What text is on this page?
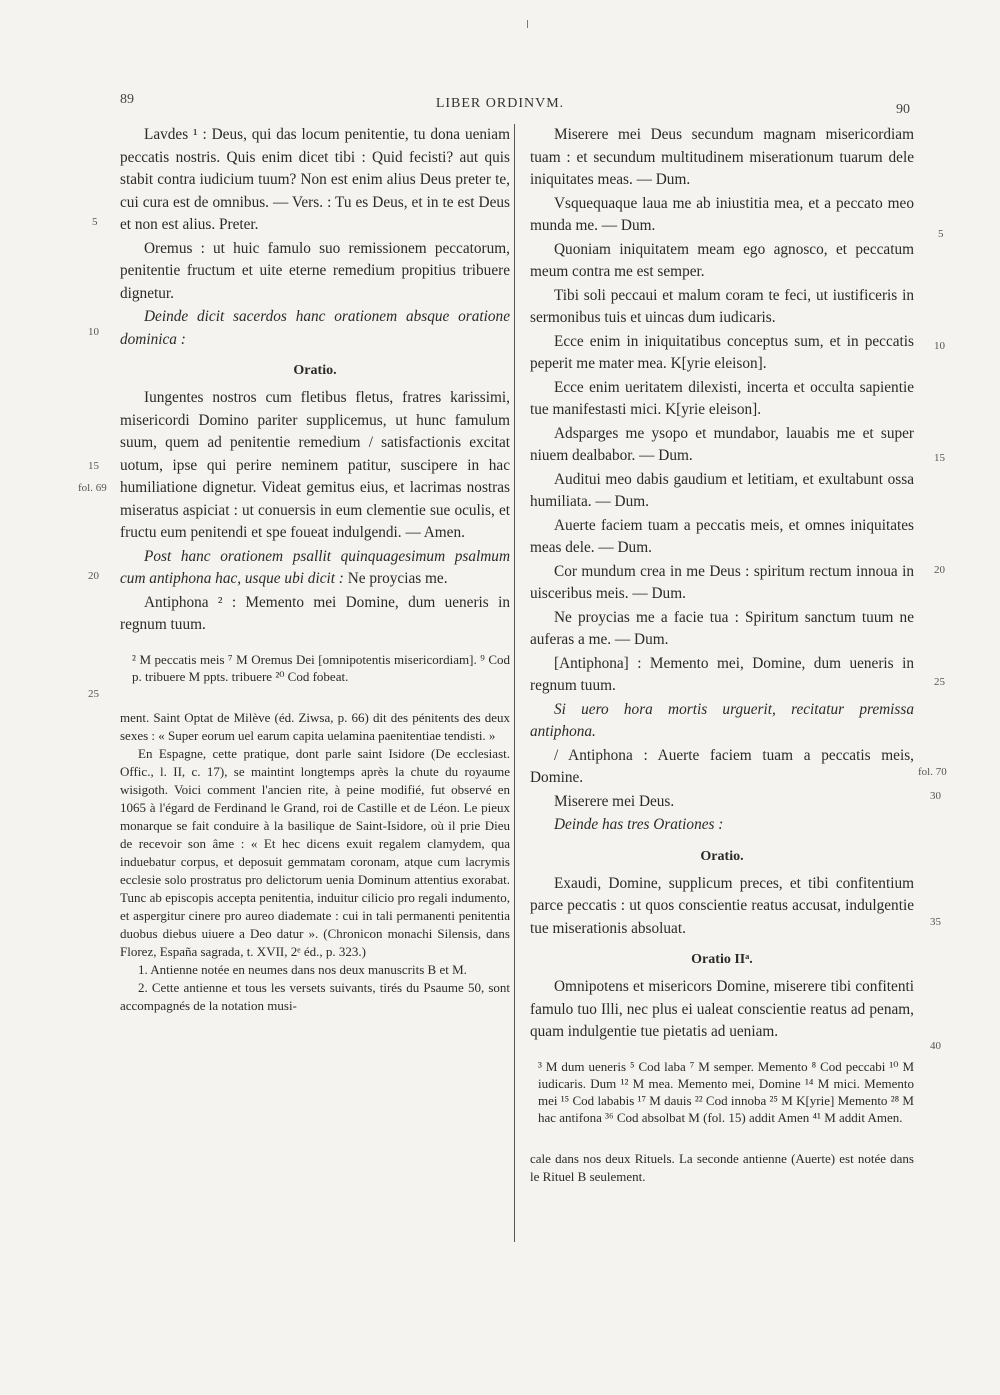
89	LIBER ORDINVM.	90

Lavdes ¹ : Deus, qui das locum penitentie, tu dona ueniam peccatis nostris. Quis enim dicet tibi : Quid fecisti? aut quis stabit contra iudicium tuum? Non est enim alius Deus preter te, cui cura est de omnibus. — Vers. : Tu es Deus, et in te est Deus et non est alius. Preter.

Oremus : ut huic famulo suo remissionem peccatorum, penitentie fructum et uite eterne remedium propitius tribuere dignetur.

Deinde dicit sacerdos hanc orationem absque oratione dominica :

Oratio.

Iungentes nostros cum fletibus fletus, fratres karissimi, misericordi Domino pariter supplicemus, ut hunc famulum suum, quem ad penitentie remedium / satisfactionis excitat uotum, ipse qui perire neminem patitur, suscipere in hac humiliatione dignetur. Videat gemitus eius, et lacrimas nostras miseratus aspiciat : ut conuersis in eum clementie sue oculis, et fructu eum penitendi et spe foueat indulgendi. — Amen.

Post hanc orationem psallit quinquagesimum psalmum cum antiphona hac, usque ubi dicit : Ne proycias me.

Antiphona ² : Memento mei Domine, dum ueneris in regnum tuum.

² M peccatis meis ⁷ M Oremus Dei [omnipotentis misericordiam]. ⁹ Cod p. tribuere M ppts. tribuere ²⁰ Cod fobeat.

ment. Saint Optat de Milève (éd. Ziwsa, p. 66) dit des pénitents des deux sexes : « Super eorum uel earum capita uelamina paenitentiae tendisti. »

En Espagne, cette pratique, dont parle saint Isidore (De ecclesiast. Offic., l. II, c. 17), se maintint longtemps après la chute du royaume wisigoth. Voici comment l'ancien rite, à peine modifié, fut observé en 1065 à l'égard de Ferdinand le Grand, roi de Castille et de Léon. Le pieux monarque se fait conduire à la basilique de Saint-Isidore, où il prie Dieu de recevoir son âme : « Et hec dicens exuit regalem clamydem, qua induebatur corpus, et deposuit gemmatam coronam, atque cum lacrymis ecclesie solo prostratus pro delictorum uenia Dominum attentius exorabat. Tunc ab episcopis accepta penitentia, induitur cilicio pro regali indumento, et aspergitur cinere pro aureo diademate : cui in tali permanenti penitentia duobus diebus uiuere a Deo datur ». (Chronicon monachi Silensis, dans Florez, España sagrada, t. XVII, 2ᵉ éd., p. 323.)

1. Antienne notée en neumes dans nos deux manuscrits B et M.

2. Cette antienne et tous les versets suivants, tirés du Psaume 50, sont accompagnés de la notation musi-

Miserere mei Deus secundum magnam misericordiam tuam : et secundum multitudinem miserationum tuarum dele iniquitates meas. — Dum.

Vsquequaque laua me ab iniustitia mea, et a peccato meo munda me. — Dum.

Quoniam iniquitatem meam ego agnosco, et peccatum meum contra me est semper.

Tibi soli peccaui et malum coram te feci, ut iustificeris in sermonibus tuis et uincas dum iudicaris.

Ecce enim in iniquitatibus conceptus sum, et in peccatis peperit me mater mea. K[yrie eleison].

Ecce enim ueritatem dilexisti, incerta et occulta sapientie tue manifestasti mici. K[yrie eleison].

Adsparges me ysopo et mundabor, lauabis me et super niuem dealbabor. — Dum.

Auditui meo dabis gaudium et letitiam, et exultabunt ossa humiliata. — Dum.

Auerte faciem tuam a peccatis meis, et omnes iniquitates meas dele. — Dum.

Cor mundum crea in me Deus : spiritum rectum innoua in uisceribus meis. — Dum.

Ne proycias me a facie tua : Spiritum sanctum tuum ne auferas a me. — Dum.

[Antiphona] : Memento mei, Domine, dum ueneris in regnum tuum.

Si uero hora mortis urguerit, recitatur premissa antiphona.

/ Antiphona : Auerte faciem tuam a peccatis meis, Domine.

Miserere mei Deus.

Deinde has tres Orationes :

Oratio.

Exaudi, Domine, supplicum preces, et tibi confitentium parce peccatis : ut quos conscientie reatus accusat, indulgentie tue miserationis absoluat.

Oratio IIᵃ.

Omnipotens et misericors Domine, miserere tibi confitenti famulo tuo Illi, nec plus ei ualeat conscientie reatus ad penam, quam indulgentie tue pietatis ad ueniam.

³ M dum ueneris ⁵ Cod laba ⁷ M semper. Memento ⁸ Cod peccabi ¹⁰ M iudicaris. Dum ¹² M mea. Memento mei, Domine ¹⁴ M mici. Memento mei ¹⁵ Cod lababis ¹⁷ M dauis ²² Cod innoba ²⁵ M K[yrie] Memento ²⁸ M hac antifona ³⁶ Cod absolbat M (fol. 15) addit Amen ⁴¹ M addit Amen.

cale dans nos deux Rituels. La seconde antienne (Auerte) est notée dans le Rituel B seulement.

5
10
15
fol. 69
20
25
5
10
15
20
25
fol. 70
30
35
40
